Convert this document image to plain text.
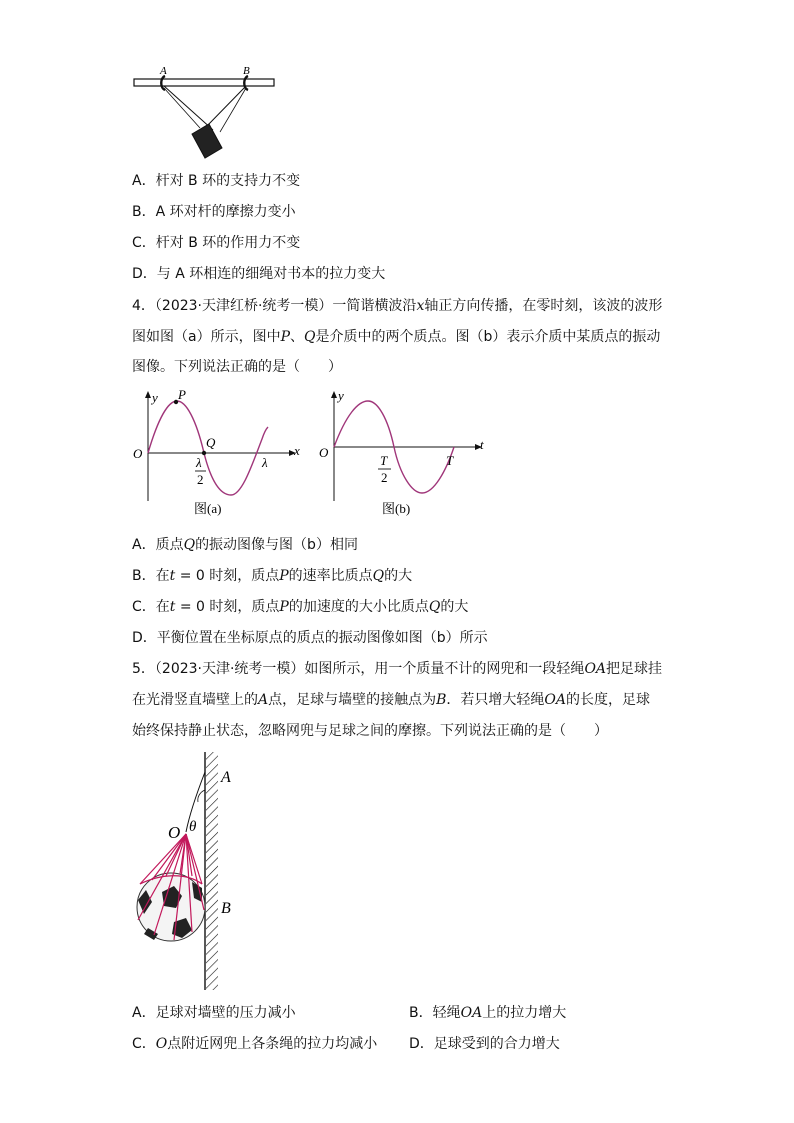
A	B
A．杆对 B 环的支持力不变
B．A 环对杆的摩擦力变小
C．杆对 B 环的作用力不变
D．与 A 环相连的细绳对书本的拉力变大
4．（2023·天津红桥·统考一模）一简谐横波沿x轴正方向传播，在零时刻，该波的波形
图如图（a）所示，图中P、Q是介质中的两个质点。图（b）表示介质中某质点的振动
图像。下列说法正确的是（　　）
y P
Q
O	x
λ
2
λ
图(a)
y
O
t
T
2
T
图(b)
A．质点Q的振动图像与图（b）相同
B．在t = 0 时刻，质点P的速率比质点Q的大
C．在t = 0 时刻，质点P的加速度的大小比质点Q的大
D．平衡位置在坐标原点的质点的振动图像如图（b）所示
5．（2023·天津·统考一模）如图所示，用一个质量不计的网兜和一段轻绳OA把足球挂
在光滑竖直墙壁上的A点，足球与墙壁的接触点为B．若只增大轻绳OA的长度，足球
始终保持静止状态，忽略网兜与足球之间的摩擦。下列说法正确的是（　　）
A
O θ
B
A．足球对墙壁的压力减小	B．轻绳OA上的拉力增大
C．O点附近网兜上各条绳的拉力均减小 D．足球受到的合力增大
